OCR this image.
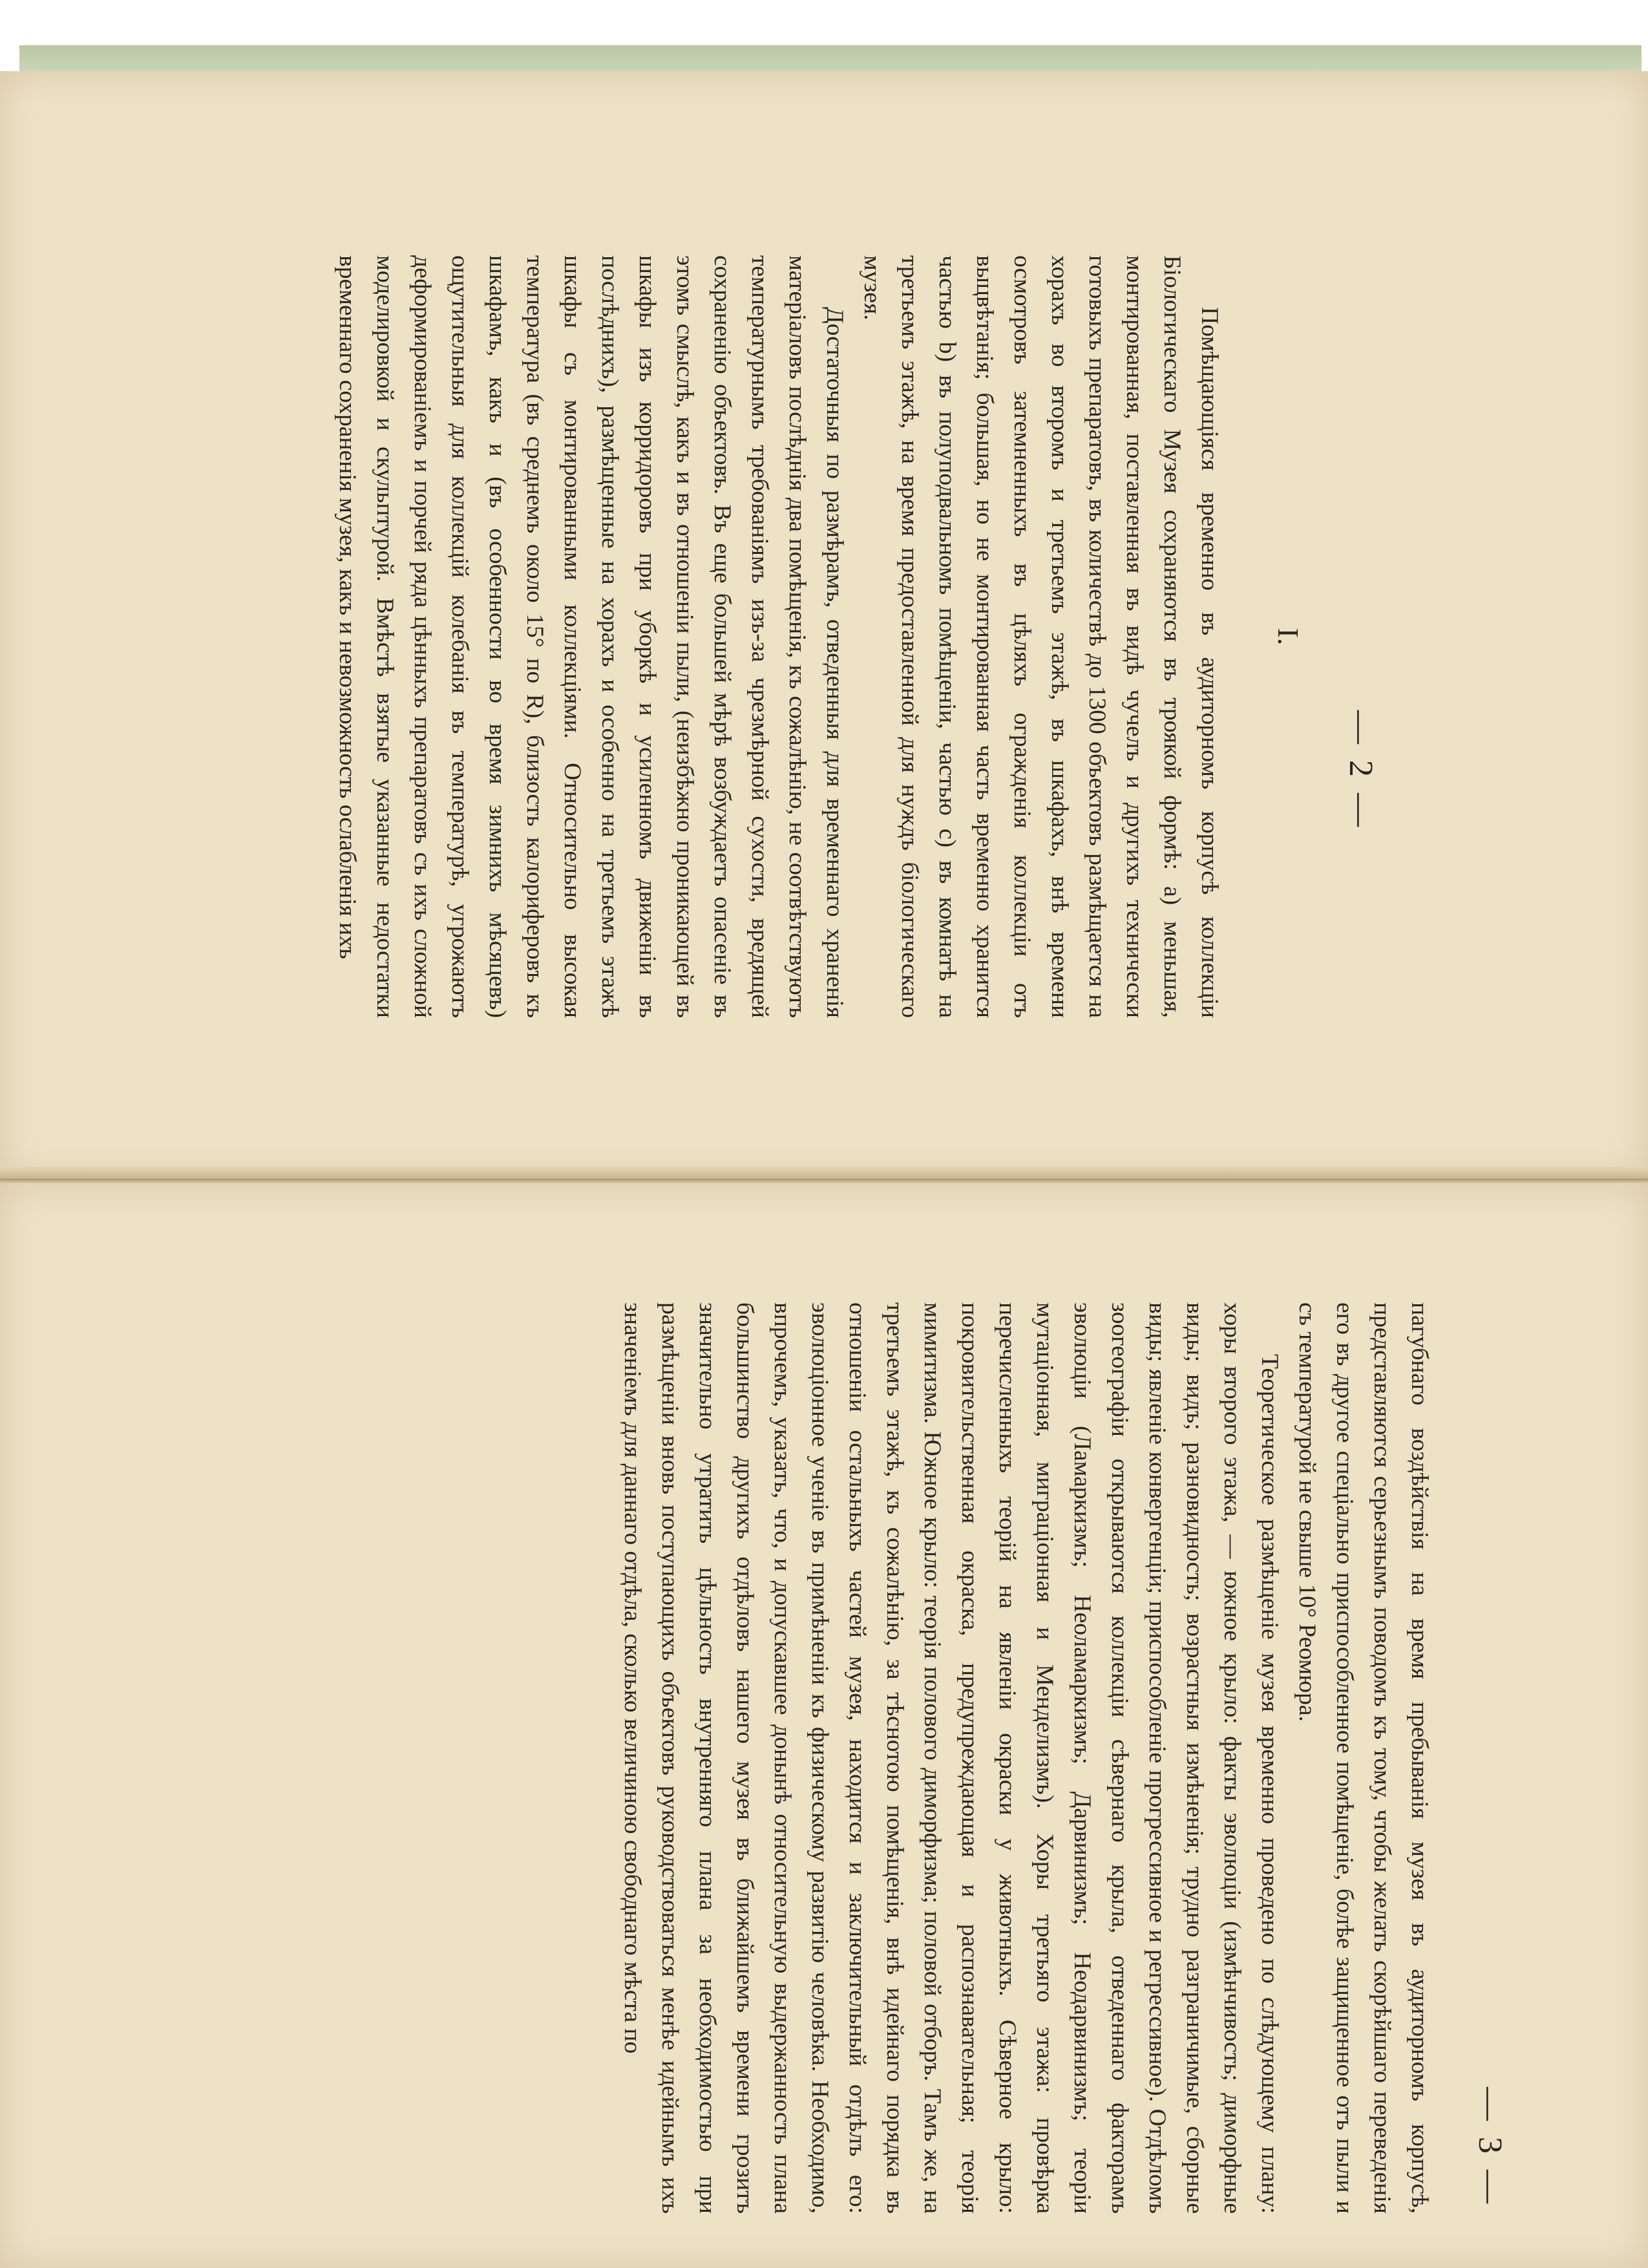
— 2 —
I.

Помѣщающіяся временно въ аудиторномъ корпусѣ коллекціи Біологическаго Музея сохраняются въ троякой формѣ: а) меньшая, монтированная, поставленная въ видѣ чучелъ и другихъ технически готовыхъ препаратовъ, въ количествѣ до 1300 объектовъ размѣщается на хорахъ во второмъ и третьемъ этажѣ, въ шкафахъ, внѣ времени осмотровъ затемненныхъ въ цѣляхъ огражденія коллекціи отъ выцвѣтанія; большая, но не монтированная часть временно хранится частью b) въ полуподвальномъ помѣщеніи, частью c) въ комнатѣ на третьемъ этажѣ, на время предоставленной для нуждъ біологическаго музея.

Достаточныя по размѣрамъ, отведенныя для временнаго храненія матеріаловъ послѣднія два помѣщенія, къ сожалѣнію, не соотвѣтствуютъ температурнымъ требованіямъ изъ-за чрезмѣрной сухости, вредящей сохраненію объектовъ. Въ еще большей мѣрѣ возбуждаетъ опасеніе въ этомъ смыслѣ, какъ и въ отношеніи пыли, (неизбѣжно проникающей въ шкафы изъ корридоровъ при уборкѣ и усиленномъ движеніи въ послѣднихъ), размѣщенные на хорахъ и особенно на третьемъ этажѣ шкафы съ монтированными коллекціями. Относительно высокая температура (въ среднемъ около 15° по R), близость калориферовъ къ шкафамъ, какъ и (въ особенности во время зимнихъ мѣсяцевъ) ощутительныя для коллекцій колебанія въ температурѣ, угрожаютъ деформированіемъ и порчей ряда цѣнныхъ препаратовъ съ ихъ сложной моделировкой и скульптурой. Вмѣстѣ взятые указанные недостатки временнаго сохраненія музея, какъ и невозможность ослабленія ихъ

— 3 —

пагубнаго воздѣйствія на время пребыванія музея въ аудиторномъ корпусѣ, представляются серьезнымъ поводомъ къ тому, чтобы желать скорѣйшаго переведенія его въ другое спеціально приспособленное помѣщеніе, болѣе защищенное отъ пыли и съ температурой не свыше 10° Реомюра.

Теоретическое размѣщеніе музея временно проведено по слѣдующему плану: хоры второго этажа, — южное крыло: факты эволюціи (измѣнчивость; диморфные виды; видъ; разновидность; возрастныя измѣненія; трудно разграничимые, сборные виды; явленіе конвергенціи; приспособленіе прогрессивное и регрессивное). Отдѣломъ зоогеографіи открываются коллекціи сѣвернаго крыла, отведеннаго факторамъ эволюціи (Ламаркизмъ; Неоламаркизмъ; Дарвинизмъ; Неодарвинизмъ; теоріи мутаціонная, миграціонная и Менделизмъ). Хоры третьяго этажа: провѣрка перечисленныхъ теорій на явленіи окраски у животныхъ. Сѣверное крыло: покровительственная окраска, предупреждающая и распознавательная; теорія мимитизма. Южное крыло: теорія полового диморфизма; половой отборъ. Тамъ же, на третьемъ этажѣ, къ сожалѣнію, за тѣснотою помѣщенія, внѣ идейнаго порядка въ отношеніи остальныхъ частей музея, находится и заключительный отдѣлъ его: эволюціонное ученіе въ примѣненіи къ физическому развитію человѣка. Необходимо, впрочемъ, указать, что, и допускавшее донынѣ относительную выдержанность плана большинство другихъ отдѣловъ нашего музея въ ближайшемъ времени грозитъ значительно утратить цѣльность внутренняго плана за необходимостью при размѣщеніи вновь поступающихъ объектовъ руководствоваться менѣе идейнымъ ихъ значеніемъ для даннаго отдѣла, сколько величиною свободнаго мѣста по
